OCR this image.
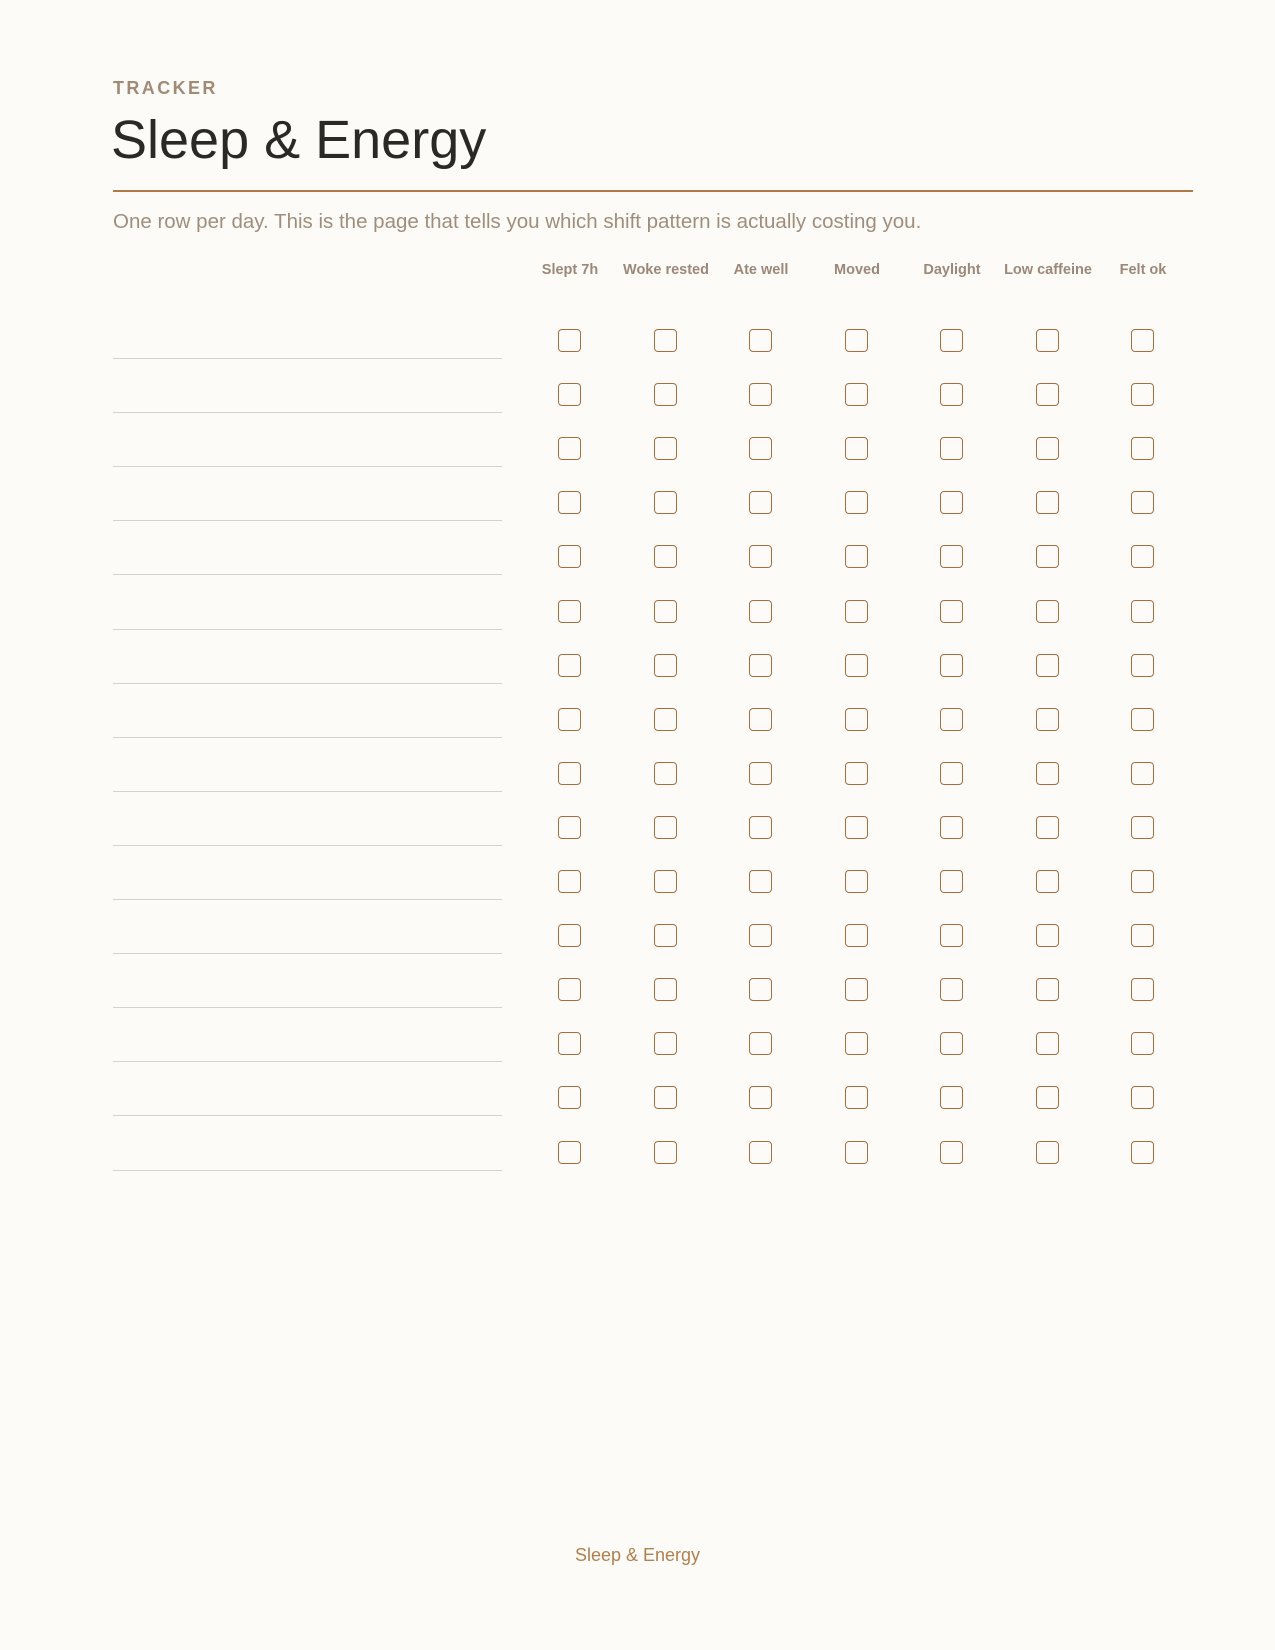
TRACKER
Sleep & Energy
One row per day. This is the page that tells you which shift pattern is actually costing you.
Slept 7h	Woke rested	Ate well	Moved	Daylight	Low caffeine	Felt ok
Sleep & Energy
